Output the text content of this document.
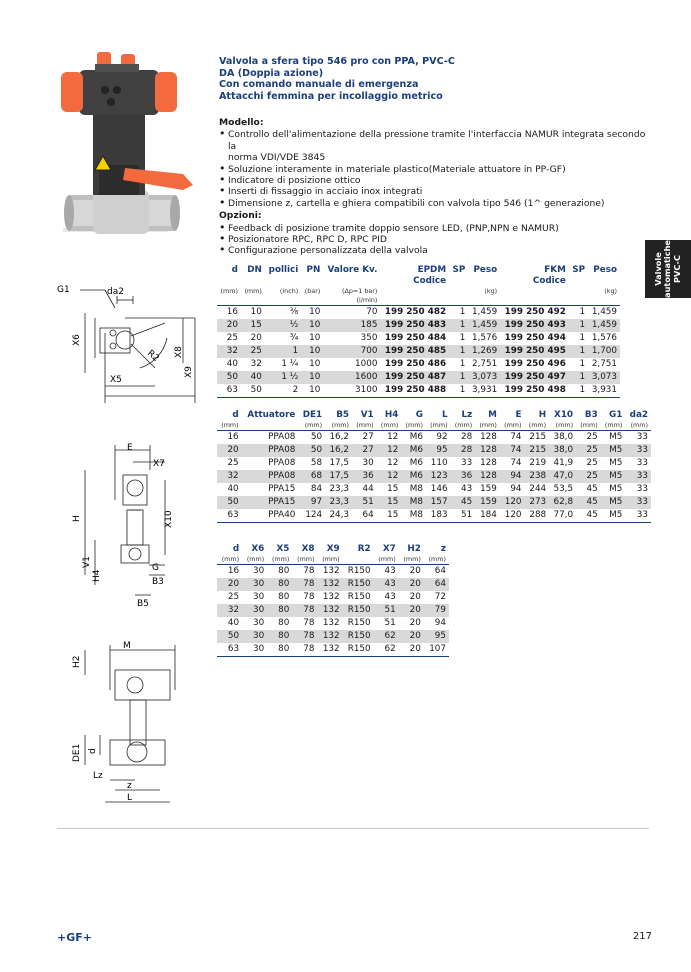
G1	da2
X6
X8
R2
X9
X5
E
X7
H	X10
V1
H4
G
B3
B5
M
H2
DE1 d
Lz
z
L
Valvola a sfera tipo 546 pro con PPA, PVC-C
DA (Doppia azione)
Con comando manuale di emergenza
Attacchi femmina per incollaggio metrico
Modello:
• Controllo dell'alimentazione della pressione tramite l'interfaccia NAMUR integrata secondo la
norma VDI/VDE 3845
• Soluzione interamente in materiale plastico(Materiale attuatore in PP-GF)
• Indicatore di posizione ottico
• Inserti di fissaggio in acciaio inox integrati
• Dimensione z, cartella e ghiera compatibili con valvola tipo 546 (1^ generazione)
Opzioni:
• Feedback di posizione tramite doppio sensore LED, (PNP,NPN e NAMUR)
• Posizionatore RPC, RPC D, RPC PID
• Configurazione personalizzata della valvola
Valvole automatiche PVC-C
d	DN	pollici	PN	Valore Kv.	EPDM	SP	Peso	FKM	SP	Peso
					Codice			Codice		
(mm)	(mm)	(inch)	(bar)	(Δp=1 bar)			(kg)			(kg)
				(l/min)						
16	10	⅜	10	70	199 250 482	1	1,459	199 250 492	1	1,459
20	15	½	10	185	199 250 483	1	1,459	199 250 493	1	1,459
25	20	¾	10	350	199 250 484	1	1,576	199 250 494	1	1,576
32	25	1	10	700	199 250 485	1	1,269	199 250 495	1	1,700
40	32	1 ¼	10	1000	199 250 486	1	2,751	199 250 496	1	2,751
50	40	1 ½	10	1600	199 250 487	1	3,073	199 250 497	1	3,073
63	50	2	10	3100	199 250 488	1	3,931	199 250 498	1	3,931
d	Attuatore	DE1	B5	V1	H4	G	L	Lz	M	E	H	X10	B3	G1	da2
(mm)		(mm)	(mm)	(mm)	(mm)	(mm)	(mm)	(mm)	(mm)	(mm)	(mm)	(mm)	(mm)	(mm)	(mm)
16	PPA08	50	16,2	27	12	M6	92	28	128	74	215	38,0	25	M5	33
20	PPA08	50	16,2	27	12	M6	95	28	128	74	215	38,0	25	M5	33
25	PPA08	58	17,5	30	12	M6	110	33	128	74	219	41,9	25	M5	33
32	PPA08	68	17,5	36	12	M6	123	36	128	94	238	47,0	25	M5	33
40	PPA15	84	23,3	44	15	M8	146	43	159	94	244	53,5	45	M5	33
50	PPA15	97	23,3	51	15	M8	157	45	159	120	273	62,8	45	M5	33
63	PPA40	124	24,3	64	15	M8	183	51	184	120	288	77,0	45	M5	33
d	X6	X5	X8	X9	R2	X7	H2	z
(mm)	(mm)	(mm)	(mm)	(mm)		(mm)	(mm)	(mm)
16	30	80	78	132	R150	43	20	64
20	30	80	78	132	R150	43	20	64
25	30	80	78	132	R150	43	20	72
32	30	80	78	132	R150	51	20	79
40	30	80	78	132	R150	51	20	94
50	30	80	78	132	R150	62	20	95
63	30	80	78	132	R150	62	20	107
+GF+	217
